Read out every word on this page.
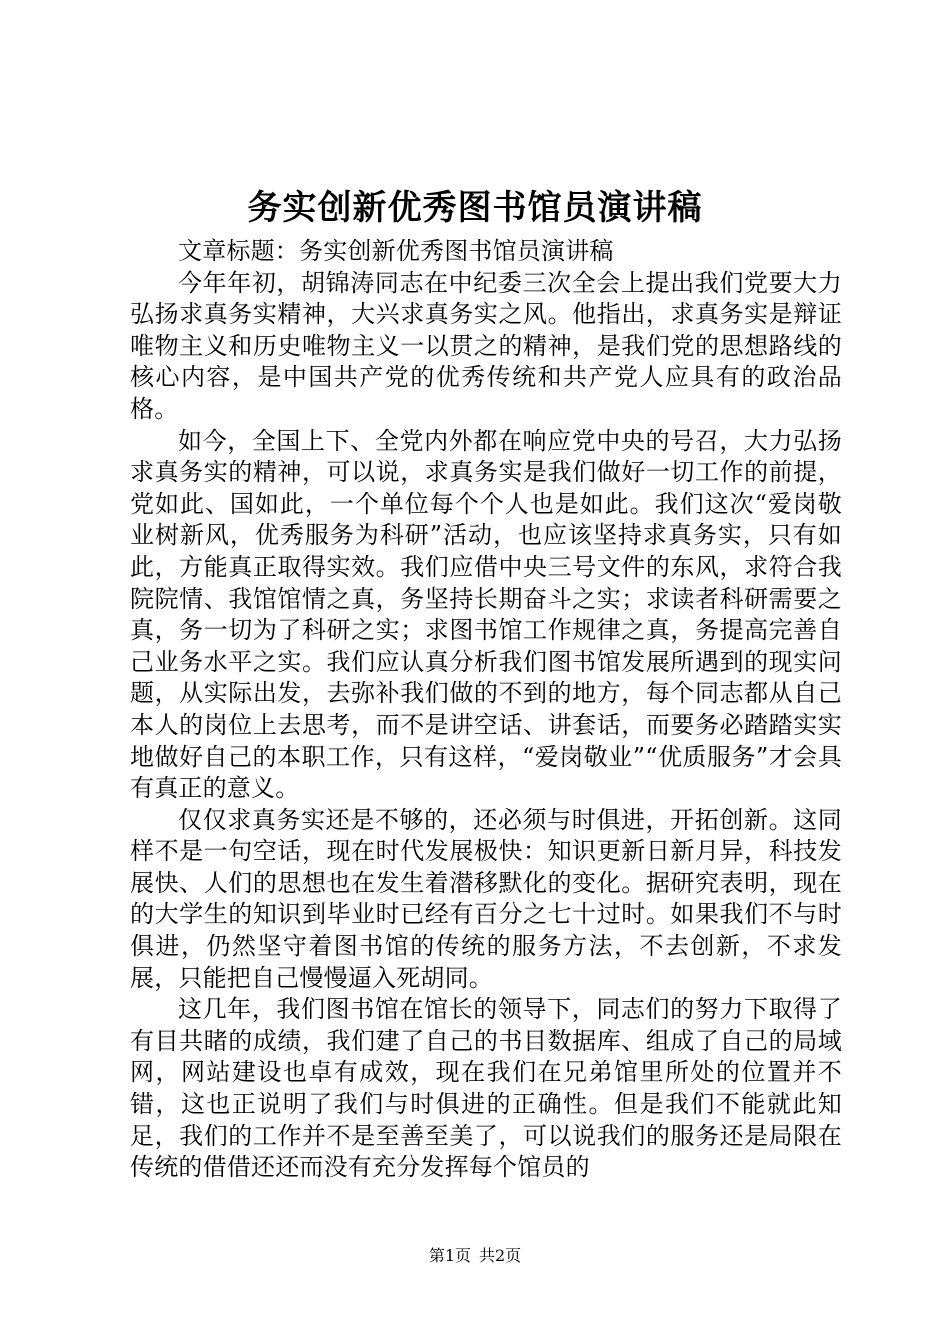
务实创新优秀图书馆员演讲稿

文章标题：务实创新优秀图书馆员演讲稿

今年年初，胡锦涛同志在中纪委三次全会上提出我们党要大力弘扬求真务实精神，大兴求真务实之风。他指出，求真务实是辩证唯物主义和历史唯物主义一以贯之的精神，是我们党的思想路线的核心内容，是中国共产党的优秀传统和共产党人应具有的政治品格。

如今，全国上下、全党内外都在响应党中央的号召，大力弘扬求真务实的精神，可以说，求真务实是我们做好一切工作的前提，党如此、国如此，一个单位每个个人也是如此。我们这次“爱岗敬业树新风，优秀服务为科研”活动，也应该坚持求真务实，只有如此，方能真正取得实效。我们应借中央三号文件的东风，求符合我院院情、我馆馆情之真，务坚持长期奋斗之实；求读者科研需要之真，务一切为了科研之实；求图书馆工作规律之真，务提高完善自己业务水平之实。我们应认真分析我们图书馆发展所遇到的现实问题，从实际出发，去弥补我们做的不到的地方，每个同志都从自己本人的岗位上去思考，而不是讲空话、讲套话，而要务必踏踏实实地做好自己的本职工作，只有这样，“爱岗敬业”“优质服务”才会具有真正的意义。

仅仅求真务实还是不够的，还必须与时俱进，开拓创新。这同样不是一句空话，现在时代发展极快：知识更新日新月异，科技发展快、人们的思想也在发生着潜移默化的变化。据研究表明，现在的大学生的知识到毕业时已经有百分之七十过时。如果我们不与时俱进，仍然坚守着图书馆的传统的服务方法，不去创新，不求发展，只能把自己慢慢逼入死胡同。

这几年，我们图书馆在馆长的领导下，同志们的努力下取得了有目共睹的成绩，我们建了自己的书目数据库、组成了自己的局域网，网站建设也卓有成效，现在我们在兄弟馆里所处的位置并不错，这也正说明了我们与时俱进的正确性。但是我们不能就此知足，我们的工作并不是至善至美了，可以说我们的服务还是局限在传统的借借还还而没有充分发挥每个馆员的

第1页 共2页
